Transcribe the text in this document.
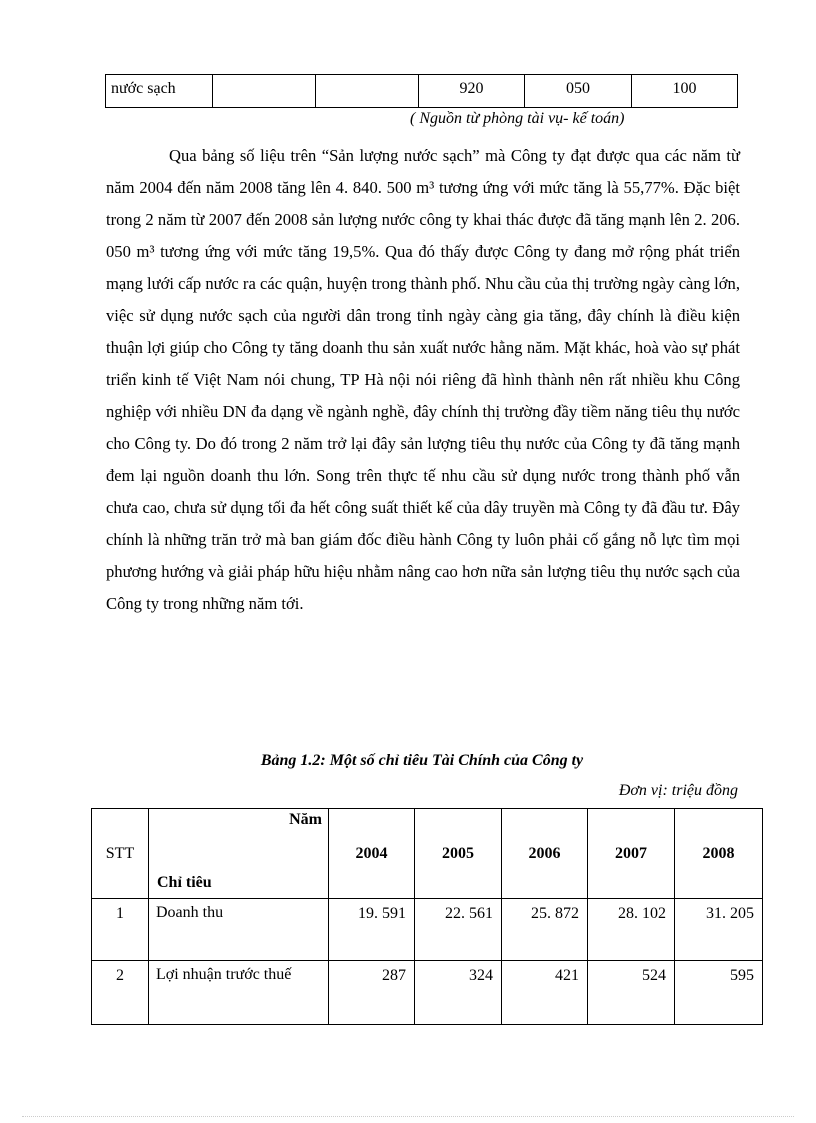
nước sạch			920	050	100
( Nguồn từ phòng tài vụ- kế toán)

Qua bảng số liệu trên “Sản lượng nước sạch” mà Công ty đạt được qua các năm từ năm 2004 đến năm 2008 tăng lên 4. 840. 500 m³ tương ứng với mức tăng là 55,77%. Đặc biệt trong 2 năm từ 2007 đến 2008 sản lượng nước công ty khai thác được đã tăng mạnh lên 2. 206. 050 m³ tương ứng với mức tăng 19,5%. Qua đó thấy được Công ty đang mở rộng phát triển mạng lưới cấp nước ra các quận, huyện trong thành phố. Nhu cầu của thị trường ngày càng lớn, việc sử dụng nước sạch của người dân trong tỉnh ngày càng gia tăng, đây chính là điều kiện thuận lợi giúp cho Công ty tăng doanh thu sản xuất nước hằng năm. Mặt khác, hoà vào sự phát triển kinh tế Việt Nam nói chung, TP Hà nội nói riêng đã hình thành nên rất nhiều khu Công nghiệp với nhiều DN đa dạng về ngành nghề, đây chính thị trường đầy tiềm năng tiêu thụ nước cho Công ty. Do đó trong 2 năm trở lại đây sản lượng tiêu thụ nước của Công ty đã tăng mạnh đem lại nguồn doanh thu lớn. Song trên thực tế nhu cầu sử dụng nước trong thành phố vẫn chưa cao, chưa sử dụng tối đa hết công suất thiết kế của dây truyền mà Công ty đã đầu tư. Đây chính là những trăn trở mà ban giám đốc điều hành Công ty luôn phải cố gắng nỗ lực tìm mọi phương hướng và giải pháp hữu hiệu nhằm nâng cao hơn nữa sản lượng tiêu thụ nước sạch của Công ty trong những năm tới.

Bảng 1.2: Một số chỉ tiêu Tài Chính của Công ty
Đơn vị: triệu đồng
STT	Năm
Chỉ tiêu	2004	2005	2006	2007	2008
1	Doanh thu	19. 591	22. 561	25. 872	28. 102	31. 205
2	Lợi nhuận trước thuế	287	324	421	524	595
